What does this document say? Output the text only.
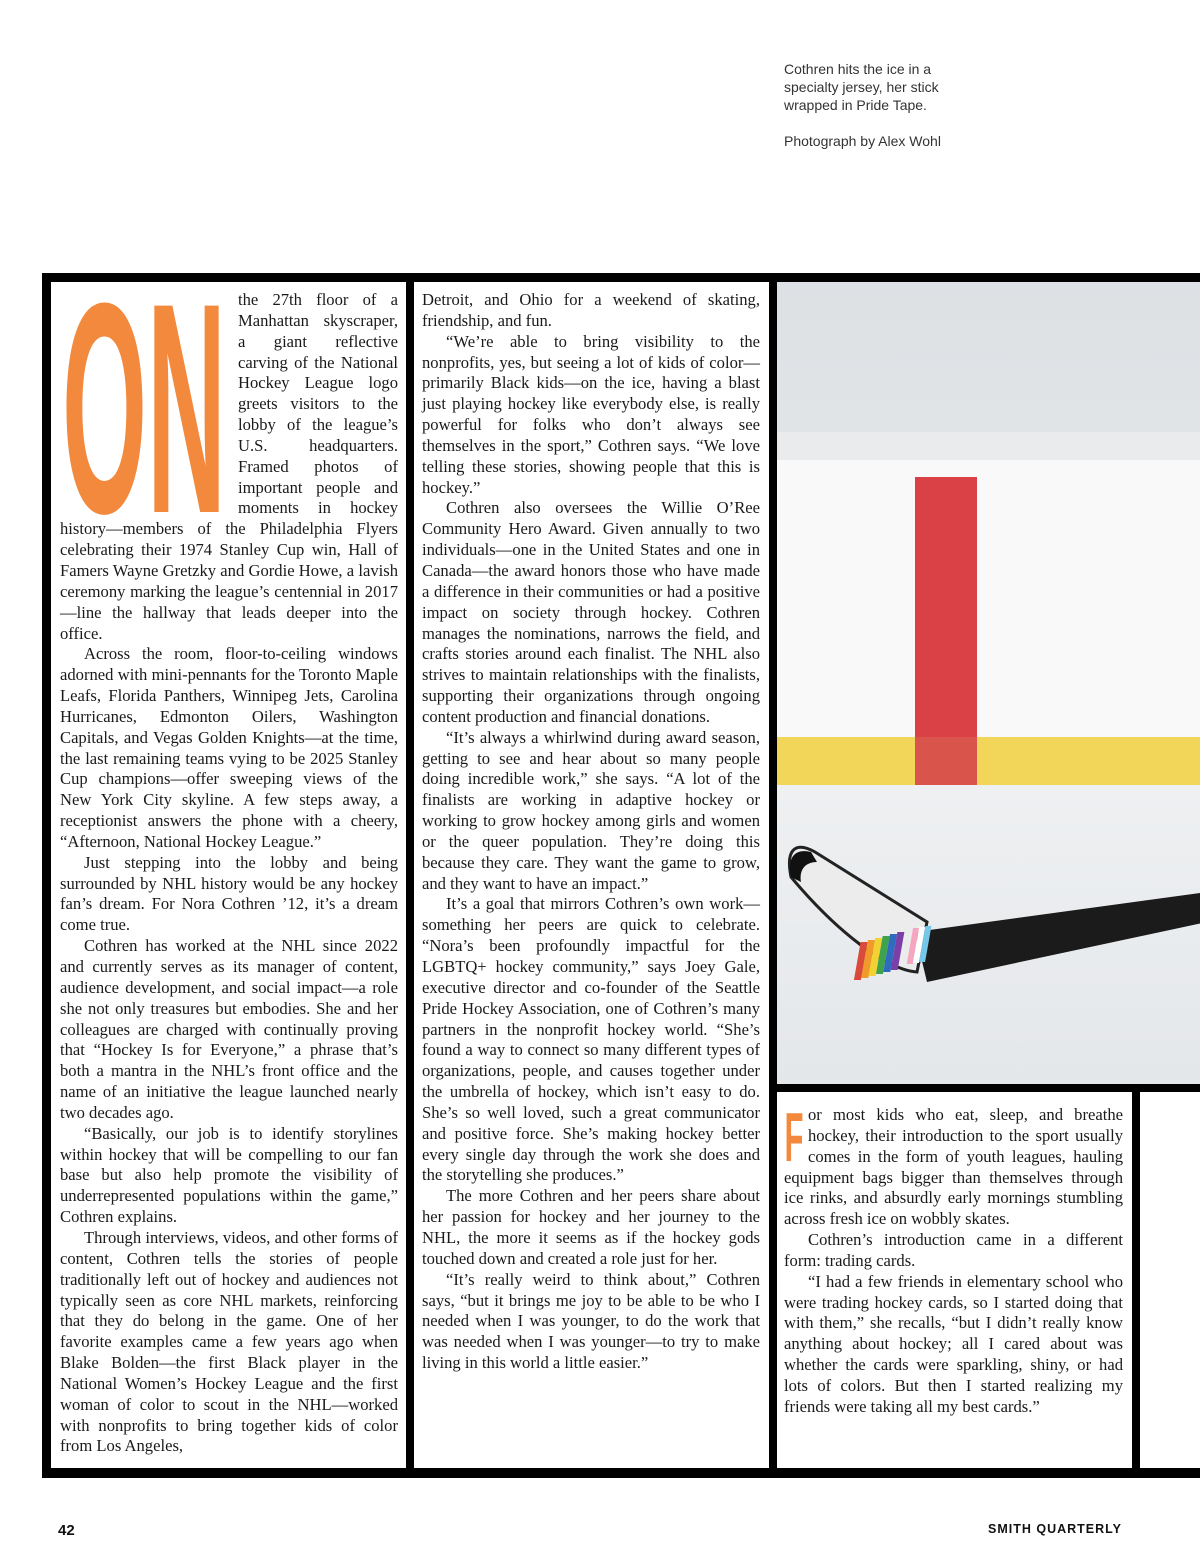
Cothren hits the ice in a specialty jersey, her stick wrapped in Pride Tape.

Photograph by Alex Wohl

ON the 27th floor of a Manhattan skyscraper, a giant reflective carving of the National Hockey League logo greets visitors to the lobby of the league’s U.S. headquarters. Framed photos of important people and moments in hockey history—members of the Philadelphia Flyers celebrating their 1974 Stanley Cup win, Hall of Famers Wayne Gretzky and Gordie Howe, a lavish ceremony marking the league’s centennial in 2017—line the hallway that leads deeper into the office.

Across the room, floor-to-ceiling windows adorned with mini-pennants for the Toronto Maple Leafs, Florida Panthers, Winnipeg Jets, Carolina Hurricanes, Edmonton Oilers, Washington Capitals, and Vegas Golden Knights—at the time, the last remaining teams vying to be 2025 Stanley Cup champions—offer sweeping views of the New York City skyline. A few steps away, a receptionist answers the phone with a cheery, “Afternoon, National Hockey League.”

Just stepping into the lobby and being surrounded by NHL history would be any hockey fan’s dream. For Nora Cothren ’12, it’s a dream come true.

Cothren has worked at the NHL since 2022 and currently serves as its manager of content, audience development, and social impact—a role she not only treasures but embodies. She and her colleagues are charged with continually proving that “Hockey Is for Everyone,” a phrase that’s both a mantra in the NHL’s front office and the name of an initiative the league launched nearly two decades ago.

“Basically, our job is to identify storylines within hockey that will be compelling to our fan base but also help promote the visibility of underrepresented populations within the game,” Cothren explains.

Through interviews, videos, and other forms of content, Cothren tells the stories of people traditionally left out of hockey and audiences not typically seen as core NHL markets, reinforcing that they do belong in the game. One of her favorite examples came a few years ago when Blake Bolden—the first Black player in the National Women’s Hockey League and the first woman of color to scout in the NHL—worked with nonprofits to bring together kids of color from Los Angeles,

Detroit, and Ohio for a weekend of skating, friendship, and fun.

“We’re able to bring visibility to the nonprofits, yes, but seeing a lot of kids of color—primarily Black kids—on the ice, having a blast just playing hockey like everybody else, is really powerful for folks who don’t always see themselves in the sport,” Cothren says. “We love telling these stories, showing people that this is hockey.”

Cothren also oversees the Willie O’Ree Community Hero Award. Given annually to two individuals—one in the United States and one in Canada—the award honors those who have made a difference in their communities or had a positive impact on society through hockey. Cothren manages the nominations, narrows the field, and crafts stories around each finalist. The NHL also strives to maintain relationships with the finalists, supporting their organizations through ongoing content production and financial donations.

“It’s always a whirlwind during award season, getting to see and hear about so many people doing incredible work,” she says. “A lot of the finalists are working in adaptive hockey or working to grow hockey among girls and women or the queer population. They’re doing this because they care. They want the game to grow, and they want to have an impact.”

It’s a goal that mirrors Cothren’s own work—something her peers are quick to celebrate. “Nora’s been profoundly impactful for the LGBTQ+ hockey community,” says Joey Gale, executive director and co-founder of the Seattle Pride Hockey Association, one of Cothren’s many partners in the nonprofit hockey world. “She’s found a way to connect so many different types of organizations, people, and causes together under the umbrella of hockey, which isn’t easy to do. She’s so well loved, such a great communicator and positive force. She’s making hockey better every single day through the work she does and the storytelling she produces.”

The more Cothren and her peers share about her passion for hockey and her journey to the NHL, the more it seems as if the hockey gods touched down and created a role just for her.

“It’s really weird to think about,” Cothren says, “but it brings me joy to be able to be who I needed when I was younger, to do the work that was needed when I was younger—to try to make living in this world a little easier.”

F or most kids who eat, sleep, and breathe hockey, their introduction to the sport usually comes in the form of youth leagues, hauling equipment bags bigger than themselves through ice rinks, and absurdly early mornings stumbling across fresh ice on wobbly skates.

Cothren’s introduction came in a different form: trading cards.

“I had a few friends in elementary school who were trading hockey cards, so I started doing that with them,” she recalls, “but I didn’t really know anything about hockey; all I cared about was whether the cards were sparkling, shiny, or had lots of colors. But then I started realizing my friends were taking all my best cards.”

42	SMITH QUARTERLY
